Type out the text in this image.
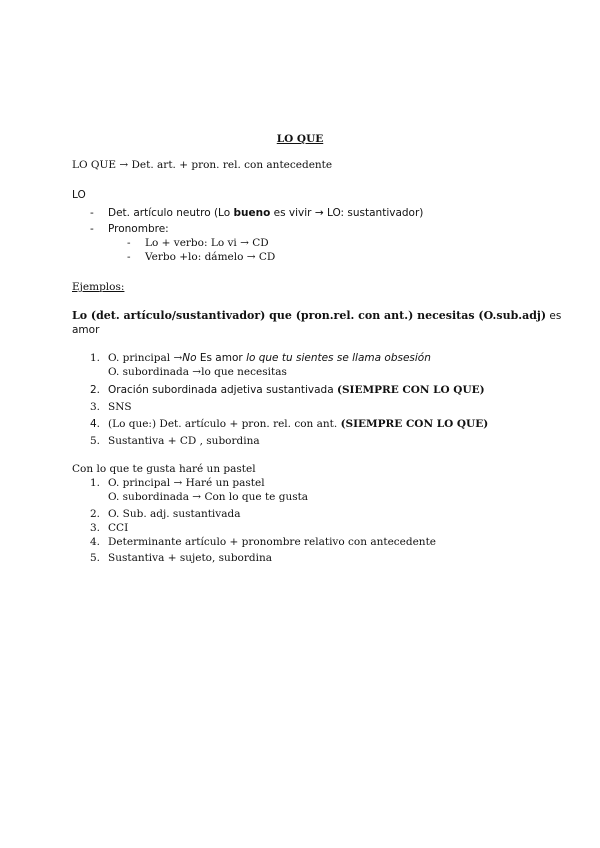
LO QUE
LO QUE → Det. art. + pron. rel. con antecedente
LO
- Det. artículo neutro (Lo bueno es vivir → LO: sustantivador)
- Pronombre:
- Lo + verbo: Lo vi → CD
- Verbo +lo: dámelo → CD
Ejemplos:
Lo (det. artículo/sustantivador) que (pron.rel. con ant.) necesitas (O.sub.adj) es
amor
1. O. principal →No Es amor lo que tu sientes se llama obsesión
O. subordinada →lo que necesitas
2. Oración subordinada adjetiva sustantivada (SIEMPRE CON LO QUE)
3. SNS
4. (Lo que:) Det. artículo + pron. rel. con ant. (SIEMPRE CON LO QUE)
5. Sustantiva + CD , subordina
Con lo que te gusta haré un pastel
1. O. principal → Haré un pastel
O. subordinada → Con lo que te gusta
2. O. Sub. adj. sustantivada
3. CCI
4. Determinante artículo + pronombre relativo con antecedente
5. Sustantiva + sujeto, subordina
